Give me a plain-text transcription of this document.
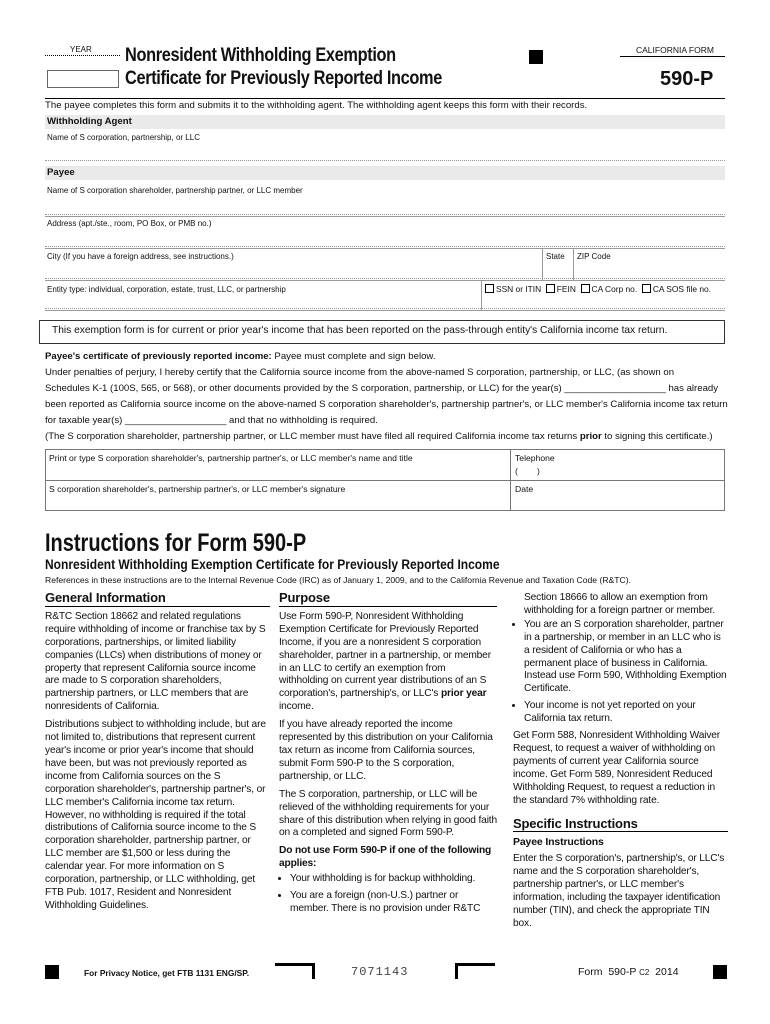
YEAR Nonresident Withholding Exemption
Certificate for Previously Reported Income
CALIFORNIA FORM
590-P
The payee completes this form and submits it to the withholding agent. The withholding agent keeps this form with their records.
Withholding Agent
Name of S corporation, partnership, or LLC
Payee
Name of S corporation shareholder, partnership partner, or LLC member
Address (apt./ste., room, PO Box, or PMB no.)
City (If you have a foreign address, see instructions.)	State ZIP Code
Entity type: individual, corporation, estate, trust, LLC, or partnership	SSN or ITIN FEIN CA Corp no. CA SOS file no.
This exemption form is for current or prior year's income that has been reported on the pass-through entity's California income tax return.
Payee's certificate of previously reported income: Payee must complete and sign below.
Under penalties of perjury, I hereby certify that the California source income from the above-named S corporation, partnership, or LLC, (as shown on
Schedules K-1 (100S, 565, or 568), or other documents provided by the S corporation, partnership, or LLC) for the year(s) ___________________ has already
been reported as California source income on the above-named S corporation shareholder's, partnership partner's, or LLC member's California income tax return
for taxable year(s) ___________________ and that no withholding is required.
(The S corporation shareholder, partnership partner, or LLC member must have filed all required California income tax returns prior to signing this certificate.)
Print or type S corporation shareholder's, partnership partner's, or LLC member's name and title	Telephone
(        )
S corporation shareholder's, partnership partner's, or LLC member's signature	Date
Instructions for Form 590-P
Nonresident Withholding Exemption Certificate for Previously Reported Income
References in these instructions are to the Internal Revenue Code (IRC) as of January 1, 2009, and to the California Revenue and Taxation Code (R&TC).
General Information

R&TC Section 18662 and related regulations require withholding of income or franchise tax by S corporations, partnerships, or limited liability companies (LLCs) when distributions of money or property that represent California source income are made to S corporation shareholders, partnership partners, or LLC members that are nonresidents of California.

Distributions subject to withholding include, but are not limited to, distributions that represent current year's income or prior year's income that should have been, but was not previously reported as income from California sources on the S corporation shareholder's, partnership partner's, or LLC member's California income tax return. However, no withholding is required if the total distributions of California source income to the S corporation shareholder, partnership partner, or LLC member are $1,500 or less during the calendar year. For more information on S corporation, partnership, or LLC withholding, get FTB Pub. 1017, Resident and Nonresident Withholding Guidelines.

Purpose

Use Form 590-P, Nonresident Withholding Exemption Certificate for Previously Reported Income, if you are a nonresident S corporation shareholder, partner in a partnership, or member in an LLC to certify an exemption from withholding on current year distributions of an S corporation's, partnership's, or LLC's prior year income.

If you have already reported the income represented by this distribution on your California tax return as income from California sources, submit Form 590-P to the S corporation, partnership, or LLC.

The S corporation, partnership, or LLC will be relieved of the withholding requirements for your share of this distribution when relying in good faith on a completed and signed Form 590-P.

Do not use Form 590-P if one of the following applies:

• Your withholding is for backup withholding.
• You are a foreign (non-U.S.) partner or member. There is no provision under R&TC

Section 18666 to allow an exemption from withholding for a foreign partner or member.

• You are an S corporation shareholder, partner in a partnership, or member in an LLC who is a resident of California or who has a permanent place of business in California. Instead use Form 590, Withholding Exemption Certificate.
• Your income is not yet reported on your California tax return.

Get Form 588, Nonresident Withholding Waiver Request, to request a waiver of withholding on payments of current year California source income. Get Form 589, Nonresident Reduced Withholding Request, to request a reduction in the standard 7% withholding rate.

Specific Instructions
Payee Instructions

Enter the S corporation's, partnership's, or LLC's name and the S corporation shareholder's, partnership partner's, or LLC member's information, including the taxpayer identification number (TIN), and check the appropriate TIN box.

For Privacy Notice, get FTB 1131 ENG/SP.	7071143	Form  590-P C2 2014
